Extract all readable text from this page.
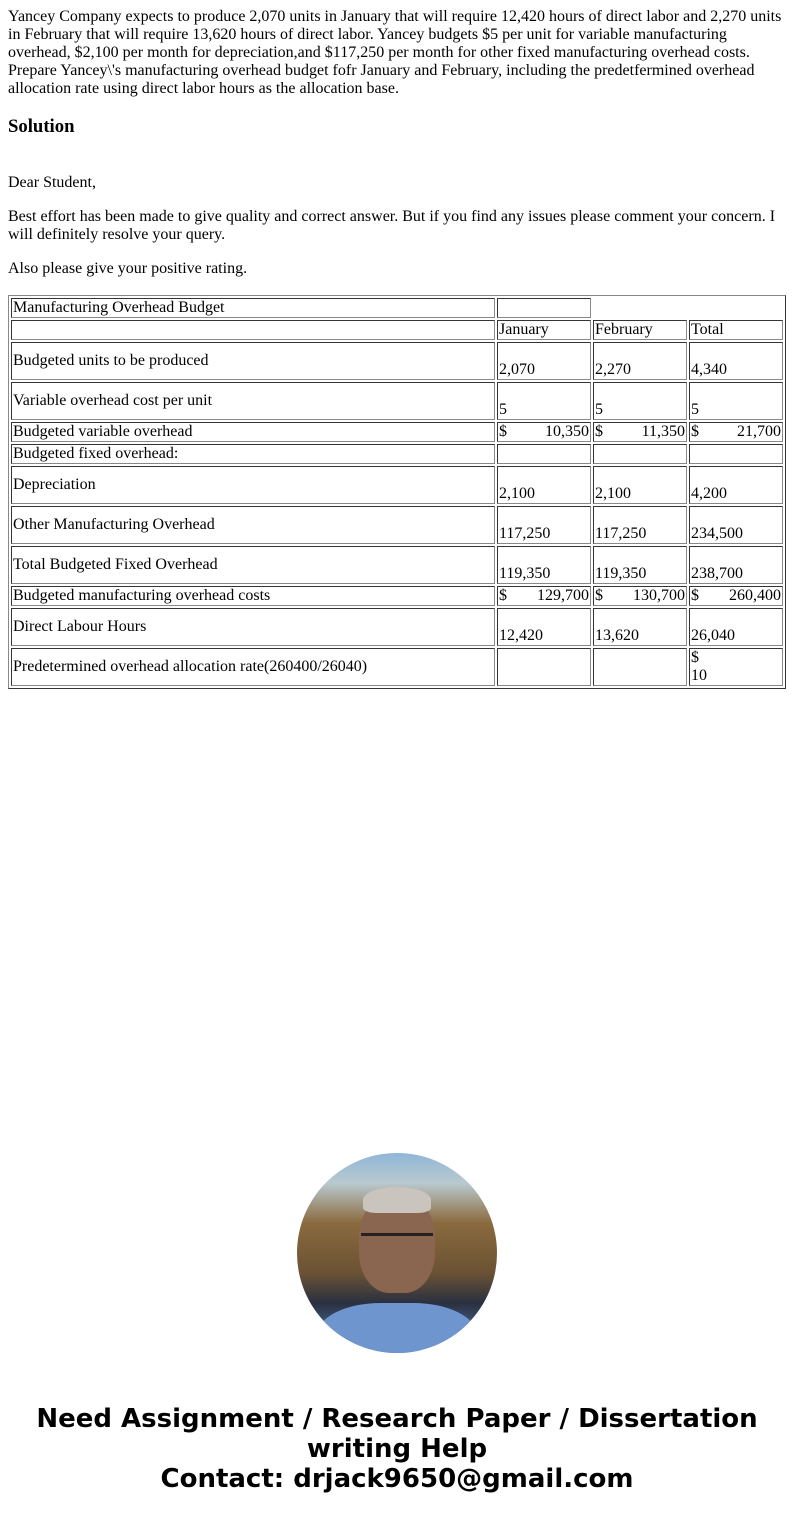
Yancey Company expects to produce 2,070 units in January that will require 12,420 hours of direct labor and 2,270 units in February that will require 13,620 hours of direct labor. Yancey budgets $5 per unit for variable manufacturing overhead, $2,100 per month for depreciation,and $117,250 per month for other fixed manufacturing overhead costs. Prepare Yancey\'s manufacturing overhead budget fofr January and February, including the predetfermined overhead allocation rate using direct labor hours as the allocation base.

Solution

Dear Student,

Best effort has been made to give quality and correct answer. But if you find any issues please comment your concern. I will definitely resolve your query.

Also please give your positive rating.

Manufacturing Overhead Budget			
	January	February	Total
Budgeted units to be produced	2,070	2,270	4,340
Variable overhead cost per unit	5	5	5
Budgeted variable overhead	$ 10,350	$ 11,350	$ 21,700

Budgeted fixed overhead:			
Depreciation	2,100	2,100	4,200
Other Manufacturing Overhead	117,250	117,250	234,500
Total Budgeted Fixed Overhead	119,350	119,350	238,700
Budgeted manufacturing overhead costs	$ 129,700	$ 130,700	$ 260,400

Direct Labour Hours	12,420	13,620	26,040
Predetermined overhead allocation rate(260400/26040)			$
10
Need Assignment / Research Paper / Dissertation writing Help
Contact: drjack9650@gmail.com
